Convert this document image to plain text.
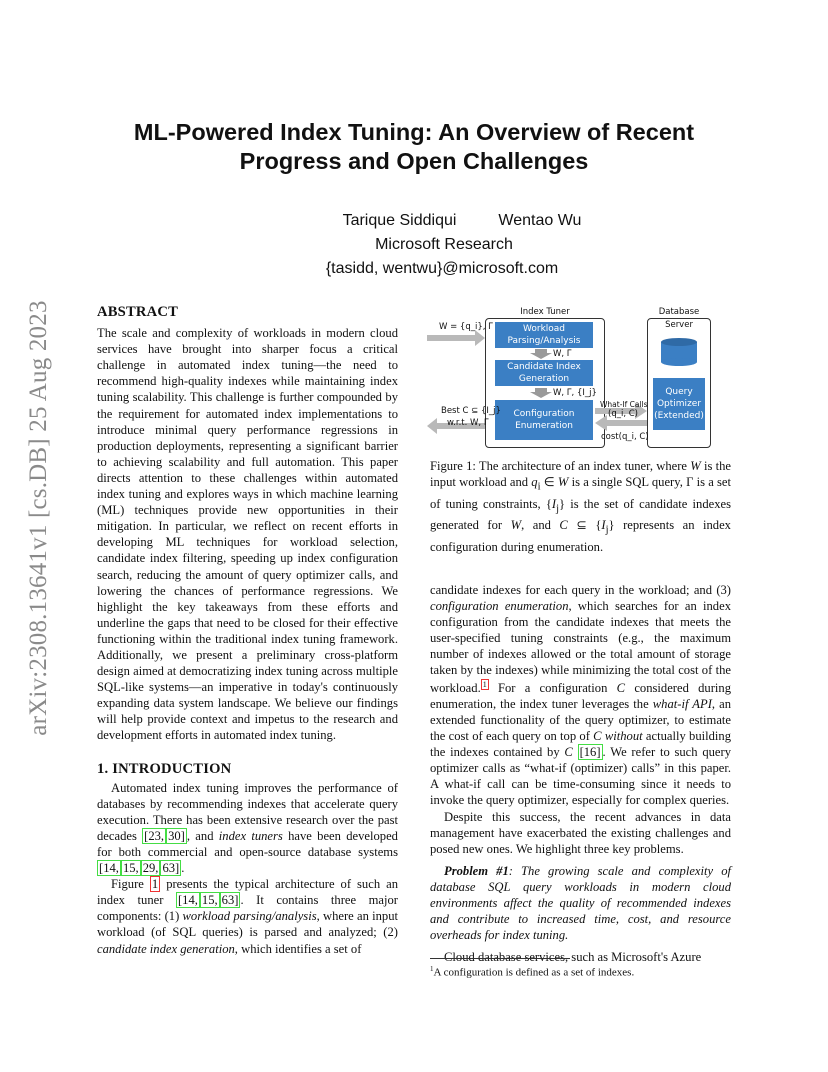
ML-Powered Index Tuning: An Overview of Recent
Progress and Open Challenges
Tarique Siddiqui	Wentao Wu
Microsoft Research
{tasidd, wentwu}@microsoft.com
arXiv:2308.13641v1 [cs.DB] 25 Aug 2023	ABSTRACT

The scale and complexity of workloads in modern cloud services have brought into sharper focus a critical challenge in automated index tuning—the need to recommend high-quality indexes while maintaining index tuning scalability. This challenge is further compounded by the requirement for automated index implementations to introduce minimal query performance regressions in production deployments, representing a significant barrier to achieving scalability and full automation. This paper directs attention to these challenges within automated index tuning and explores ways in which machine learning (ML) techniques provide new opportunities in their mitigation. In particular, we reflect on recent efforts in developing ML techniques for workload selection, candidate index filtering, speeding up index configuration search, reducing the amount of query optimizer calls, and lowering the chances of performance regressions. We highlight the key takeaways from these efforts and underline the gaps that need to be closed for their effective functioning within the traditional index tuning framework. Additionally, we present a preliminary cross-platform design aimed at democratizing index tuning across multiple SQL-like systems—an imperative in today's continuously expanding data system landscape. We believe our findings will help provide context and impetus to the research and development efforts in automated index tuning.

1. INTRODUCTION

Automated index tuning improves the performance of databases by recommending indexes that accelerate query execution. There has been extensive research over the past decades [23, 30] , and index tuners have been developed for both commercial and open-source database systems [14, 15, 29, 63] .

Figure 1 presents the typical architecture of such an index tuner [14, 15, 63] . It contains three major components: (1) workload parsing/analysis, where an input workload (of SQL queries) is parsed and analyzed; (2) candidate index generation, which identifies a set of

Index Tuner	Database
Server
Workload
Parsing/Analysis
Candidate Index
Generation
Configuration
Enumeration
Query
Optimizer
(Extended)
W = {q_i}, Γ
W, Γ
W, Γ, {I_j}
What-If Calls
(q_i, C)
cost(q_i, C)
Best C ⊆ {I_j}
w.r.t. W, Γ

Figure 1: The architecture of an index tuner, where W is the input workload and $q_i$ ∈ W is a single SQL query, Γ is a set of tuning constraints, $\{I_j\}$ is the set of candidate indexes generated for W, and C ⊆ $\{I_j\}$ represents an index configuration during enumeration.

candidate indexes for each query in the workload; and (3) configuration enumeration, which searches for an index configuration from the candidate indexes that meets the user-specified tuning constraints (e.g., the maximum number of indexes allowed or the total amount of storage taken by the indexes) while minimizing the total cost of the workload. $^1$ For a configuration C considered during enumeration, the index tuner leverages the what-if API, an extended functionality of the query optimizer, to estimate the cost of each query on top of C without actually building the indexes contained by C [16] . We refer to such query optimizer calls as “what-if (optimizer) calls” in this paper. A what-if call can be time-consuming since it needs to invoke the query optimizer, especially for complex queries.

Despite this success, the recent advances in data management have exacerbated the existing challenges and posed new ones. We highlight three key problems.

Problem #1: The growing scale and complexity of database SQL query workloads in modern cloud environments affect the quality of recommended indexes and contribute to increased time, cost, and resource overheads for index tuning.

Cloud database services, such as Microsoft's Azure

$^1$A configuration is defined as a set of indexes.
